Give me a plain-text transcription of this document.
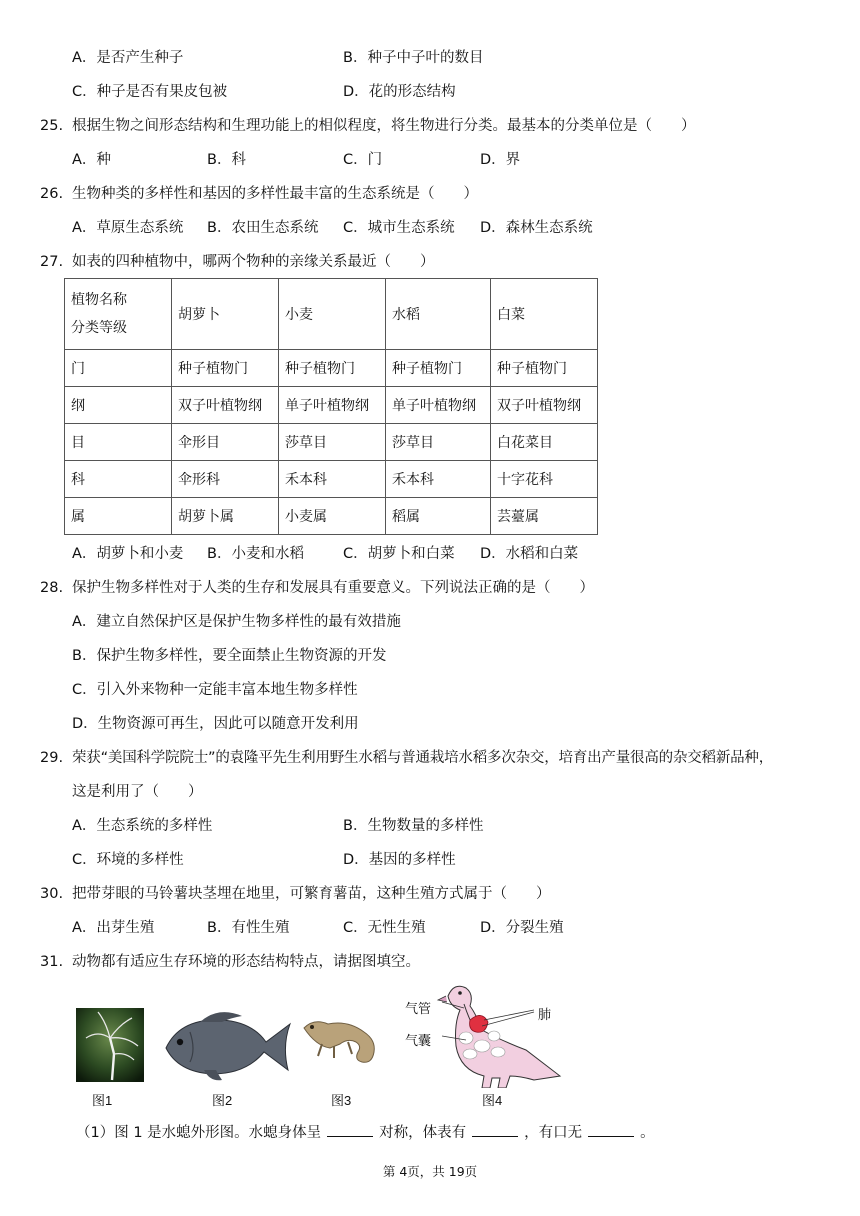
A．是否产生种子	B．种子中子叶的数目
C．种子是否有果皮包被	D．花的形态结构
25. 根据生物之间形态结构和生理功能上的相似程度，将生物进行分类。最基本的分类单位是（　　）
A．种	B．科	C．门	D．界
26. 生物种类的多样性和基因的多样性最丰富的生态系统是（　　）
A．草原生态系统 B．农田生态系统 C．城市生态系统 D．森林生态系统
27. 如表的四种植物中，哪两个物种的亲缘关系最近（　　）
植物名称
分类等级	胡萝卜	小麦	水稻	白菜
门	种子植物门	种子植物门	种子植物门	种子植物门
纲	双子叶植物纲	单子叶植物纲	单子叶植物纲	双子叶植物纲
目	伞形目	莎草目	莎草目	白花菜目
科	伞形科	禾本科	禾本科	十字花科
属	胡萝卜属	小麦属	稻属	芸薹属
A．胡萝卜和小麦 B．小麦和水稻	C．胡萝卜和白菜 D．水稻和白菜
28. 保护生物多样性对于人类的生存和发展具有重要意义。下列说法正确的是（　　）
A．建立自然保护区是保护生物多样性的最有效措施
B．保护生物多样性，要全面禁止生物资源的开发
C．引入外来物种一定能丰富本地生物多样性
D．生物资源可再生，因此可以随意开发利用
29. 荣获“美国科学院院士”的袁隆平先生利用野生水稻与普通栽培水稻多次杂交，培育出产量很高的杂交稻新品种，
这是利用了（　　）
A．生态系统的多样性	B．生物数量的多样性
C．环境的多样性	D．基因的多样性
30. 把带芽眼的马铃薯块茎埋在地里，可繁育薯苗，这种生殖方式属于（　　）
A．出芽生殖	B．有性生殖	C．无性生殖	D．分裂生殖
31. 动物都有适应生存环境的形态结构特点，请据图填空。
图1	图2	图3
气管	肺
气囊
图4
（1）图 1 是水螅外形图。水螅身体呈	对称，体表有	，有口无	。
第 4页，共 19页
